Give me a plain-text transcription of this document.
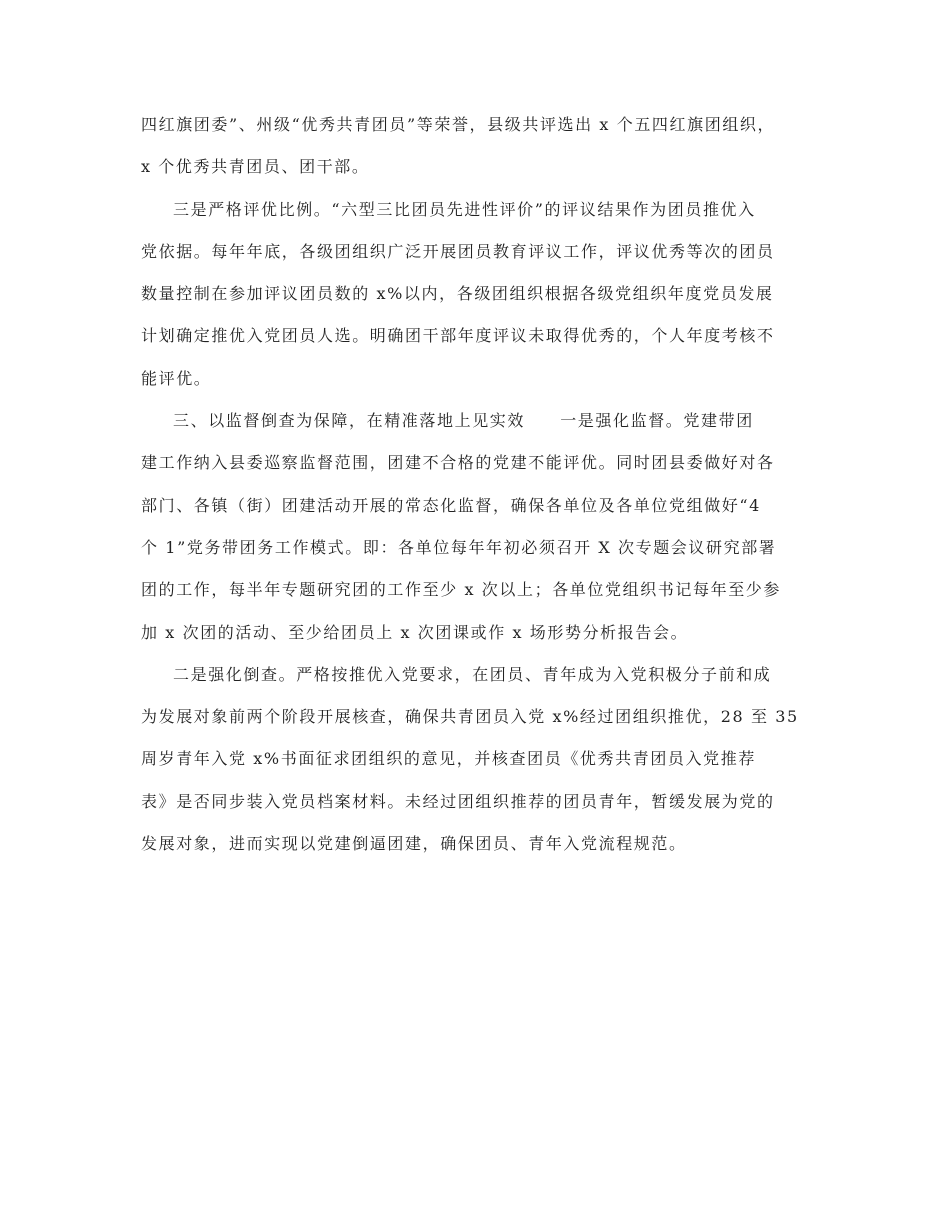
四红旗团委”、州级“优秀共青团员”等荣誉，县级共评选出 x 个五四红旗团组织，
x 个优秀共青团员、团干部。
三是严格评优比例。“六型三比团员先进性评价”的评议结果作为团员推优入
党依据。每年年底，各级团组织广泛开展团员教育评议工作，评议优秀等次的团员
数量控制在参加评议团员数的 x%以内，各级团组织根据各级党组织年度党员发展
计划确定推优入党团员人选。明确团干部年度评议未取得优秀的，个人年度考核不
能评优。
三、以监督倒查为保障，在精准落地上见实效　　一是强化监督。党建带团
建工作纳入县委巡察监督范围，团建不合格的党建不能评优。同时团县委做好对各
部门、各镇（街）团建活动开展的常态化监督，确保各单位及各单位党组做好“4
个 1”党务带团务工作模式。即：各单位每年年初必须召开 X 次专题会议研究部署
团的工作，每半年专题研究团的工作至少 x 次以上；各单位党组织书记每年至少参
加 x 次团的活动、至少给团员上 x 次团课或作 x 场形势分析报告会。
二是强化倒查。严格按推优入党要求，在团员、青年成为入党积极分子前和成
为发展对象前两个阶段开展核查，确保共青团员入党 x%经过团组织推优，28 至 35
周岁青年入党 x%书面征求团组织的意见，并核查团员《优秀共青团员入党推荐
表》是否同步装入党员档案材料。未经过团组织推荐的团员青年，暂缓发展为党的
发展对象，进而实现以党建倒逼团建，确保团员、青年入党流程规范。
